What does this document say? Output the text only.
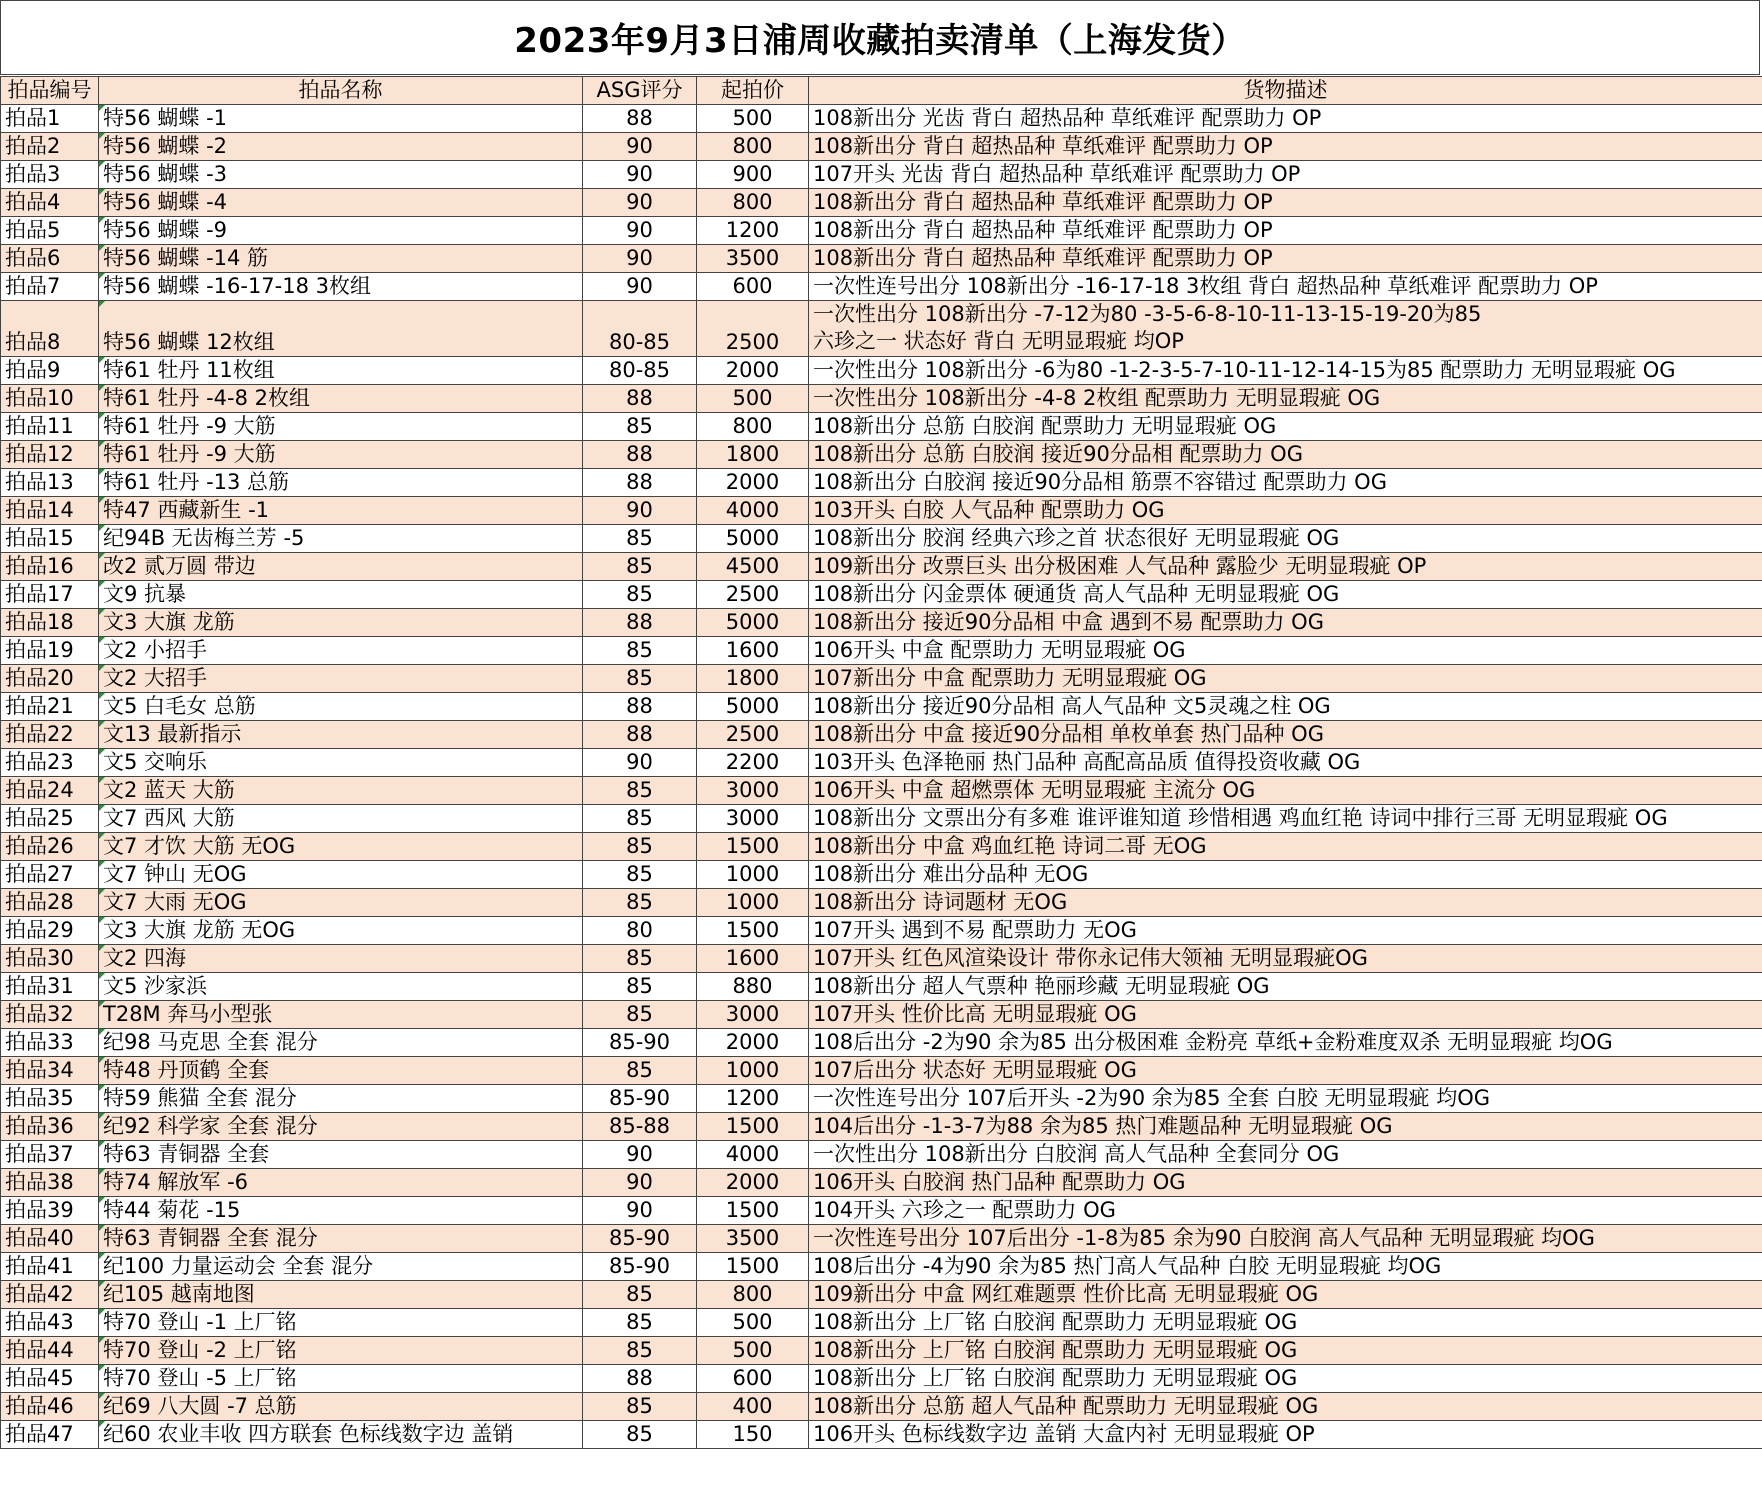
2023年9月3日浦周收藏拍卖清单（上海发货）
拍品编号	拍品名称	ASG评分	起拍价	货物描述
拍品1	特56 蝴蝶 -1	88	500	108新出分 光齿 背白 超热品种 草纸难评 配票助力 OP
拍品2	特56 蝴蝶 -2	90	800	108新出分 背白 超热品种 草纸难评 配票助力 OP
拍品3	特56 蝴蝶 -3	90	900	107开头 光齿 背白 超热品种 草纸难评 配票助力 OP
拍品4	特56 蝴蝶 -4	90	800	108新出分 背白 超热品种 草纸难评 配票助力 OP
拍品5	特56 蝴蝶 -9	90	1200	108新出分 背白 超热品种 草纸难评 配票助力 OP
拍品6	特56 蝴蝶 -14 筋	90	3500	108新出分 背白 超热品种 草纸难评 配票助力 OP
拍品7	特56 蝴蝶 -16-17-18 3枚组	90	600	一次性连号出分 108新出分 -16-17-18 3枚组 背白 超热品种 草纸难评 配票助力 OP
拍品8	特56 蝴蝶 12枚组	80-85	2500	一次性出分 108新出分 -7-12为80 -3-5-6-8-10-11-13-15-19-20为85
六珍之一 状态好 背白 无明显瑕疵 均OP

拍品9	特61 牡丹 11枚组	80-85	2000	一次性出分 108新出分 -6为80 -1-2-3-5-7-10-11-12-14-15为85 配票助力 无明显瑕疵 OG
拍品10	特61 牡丹 -4-8 2枚组	88	500	一次性出分 108新出分 -4-8 2枚组 配票助力 无明显瑕疵 OG
拍品11	特61 牡丹 -9 大筋	85	800	108新出分 总筋 白胶润 配票助力 无明显瑕疵 OG
拍品12	特61 牡丹 -9 大筋	88	1800	108新出分 总筋 白胶润 接近90分品相 配票助力 OG
拍品13	特61 牡丹 -13 总筋	88	2000	108新出分 白胶润 接近90分品相 筋票不容错过 配票助力 OG
拍品14	特47 西藏新生 -1	90	4000	103开头 白胶 人气品种 配票助力 OG
拍品15	纪94B 无齿梅兰芳 -5	85	5000	108新出分 胶润 经典六珍之首 状态很好 无明显瑕疵 OG
拍品16	改2 贰万圆 带边	85	4500	109新出分 改票巨头 出分极困难 人气品种 露脸少 无明显瑕疵 OP
拍品17	文9 抗暴	85	2500	108新出分 闪金票体 硬通货 高人气品种 无明显瑕疵 OG
拍品18	文3 大旗 龙筋	88	5000	108新出分 接近90分品相 中盒 遇到不易 配票助力 OG
拍品19	文2 小招手	85	1600	106开头 中盒 配票助力 无明显瑕疵 OG
拍品20	文2 大招手	85	1800	107新出分 中盒 配票助力 无明显瑕疵 OG
拍品21	文5 白毛女 总筋	88	5000	108新出分 接近90分品相 高人气品种 文5灵魂之柱 OG
拍品22	文13 最新指示	88	2500	108新出分 中盒 接近90分品相 单枚单套 热门品种 OG
拍品23	文5 交响乐	90	2200	103开头 色泽艳丽 热门品种 高配高品质 值得投资收藏 OG
拍品24	文2 蓝天 大筋	85	3000	106开头 中盒 超燃票体 无明显瑕疵 主流分 OG
拍品25	文7 西风 大筋	85	3000	108新出分 文票出分有多难 谁评谁知道 珍惜相遇 鸡血红艳 诗词中排行三哥 无明显瑕疵 OG
拍品26	文7 才饮 大筋 无OG	85	1500	108新出分 中盒 鸡血红艳 诗词二哥 无OG
拍品27	文7 钟山 无OG	85	1000	108新出分 难出分品种 无OG
拍品28	文7 大雨 无OG	85	1000	108新出分 诗词题材 无OG
拍品29	文3 大旗 龙筋 无OG	80	1500	107开头 遇到不易 配票助力 无OG
拍品30	文2 四海	85	1600	107开头 红色风渲染设计 带你永记伟大领袖 无明显瑕疵OG
拍品31	文5 沙家浜	85	880	108新出分 超人气票种 艳丽珍藏 无明显瑕疵 OG
拍品32	T28M 奔马小型张	85	3000	107开头 性价比高 无明显瑕疵 OG
拍品33	纪98 马克思 全套 混分	85-90	2000	108后出分 -2为90 余为85 出分极困难 金粉亮 草纸+金粉难度双杀 无明显瑕疵 均OG
拍品34	特48 丹顶鹤 全套	85	1000	107后出分 状态好 无明显瑕疵 OG
拍品35	特59 熊猫 全套 混分	85-90	1200	一次性连号出分 107后开头 -2为90 余为85 全套 白胶 无明显瑕疵 均OG
拍品36	纪92 科学家 全套 混分	85-88	1500	104后出分 -1-3-7为88 余为85 热门难题品种 无明显瑕疵 OG
拍品37	特63 青铜器 全套	90	4000	一次性出分 108新出分 白胶润 高人气品种 全套同分 OG
拍品38	特74 解放军 -6	90	2000	106开头 白胶润 热门品种 配票助力 OG
拍品39	特44 菊花 -15	90	1500	104开头 六珍之一 配票助力 OG
拍品40	特63 青铜器 全套 混分	85-90	3500	一次性连号出分 107后出分 -1-8为85 余为90 白胶润 高人气品种 无明显瑕疵 均OG
拍品41	纪100 力量运动会 全套 混分	85-90	1500	108后出分 -4为90 余为85 热门高人气品种 白胶 无明显瑕疵 均OG
拍品42	纪105 越南地图	85	800	109新出分 中盒 网红难题票 性价比高 无明显瑕疵 OG
拍品43	特70 登山 -1 上厂铭	85	500	108新出分 上厂铭 白胶润 配票助力 无明显瑕疵 OG
拍品44	特70 登山 -2 上厂铭	85	500	108新出分 上厂铭 白胶润 配票助力 无明显瑕疵 OG
拍品45	特70 登山 -5 上厂铭	88	600	108新出分 上厂铭 白胶润 配票助力 无明显瑕疵 OG
拍品46	纪69 八大圆 -7 总筋	85	400	108新出分 总筋 超人气品种 配票助力 无明显瑕疵 OG
拍品47	纪60 农业丰收 四方联套 色标线数字边 盖销	85	150	106开头 色标线数字边 盖销 大盒内衬 无明显瑕疵 OP
